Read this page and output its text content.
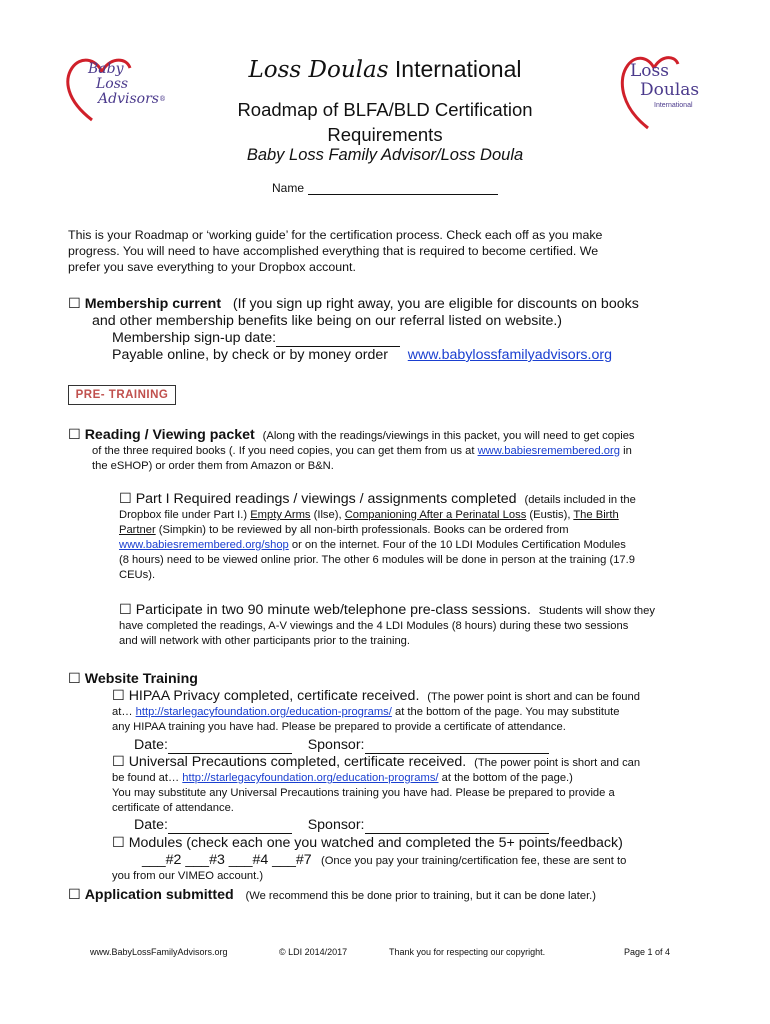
Baby
Loss
Advisors®
Loss
Doulas
International
Loss Doulas International
Roadmap of BLFA/BLD Certification
Requirements
Baby Loss Family Advisor/Loss Doula
Name
This is your Roadmap or ‘working guide’ for the certification process. Check each off as you make
progress. You will need to have accomplished everything that is required to become certified. We
prefer you save everything to your Dropbox account.
☐ Membership current (If you sign up right away, you are eligible for discounts on books
and other membership benefits like being on our referral listed on website.)
Membership sign-up date:
Payable online, by check or by money order www.babylossfamilyadvisors.org
PRE- TRAINING
☐ Reading / Viewing packet (Along with the readings/viewings in this packet, you will need to get copies
of the three required books (. If you need copies, you can get them from us at www.babiesremembered.org in
the eSHOP) or order them from Amazon or B&N.
☐ Part I Required readings / viewings / assignments completed (details included in the
Dropbox file under Part I.) Empty Arms (Ilse), Companioning After a Perinatal Loss (Eustis), The Birth
Partner (Simpkin) to be reviewed by all non-birth professionals. Books can be ordered from
www.babiesremembered.org/shop or on the internet. Four of the 10 LDI Modules Certification Modules
(8 hours) need to be viewed online prior. The other 6 modules will be done in person at the training (17.9
CEUs).
☐ Participate in two 90 minute web/telephone pre-class sessions. Students will show they
have completed the readings, A-V viewings and the 4 LDI Modules (8 hours) during these two sessions
and will network with other participants prior to the training.
☐ Website Training
☐ HIPAA Privacy completed, certificate received. (The power point is short and can be found
at… http://starlegacyfoundation.org/education-programs/ at the bottom of the page. You may substitute
any HIPAA training you have had. Please be prepared to provide a certificate of attendance.
Date:	Sponsor:
☐ Universal Precautions completed, certificate received. (The power point is short and can
be found at… http://starlegacyfoundation.org/education-programs/ at the bottom of the page.)
You may substitute any Universal Precautions training you have had. Please be prepared to provide a
certificate of attendance.
Date:	Sponsor:
☐ Modules (check each one you watched and completed the 5+ points/feedback)
___#2 ___#3 ___#4 ___#7 (Once you pay your training/certification fee, these are sent to
you from our VIMEO account.)
☐ Application submitted (We recommend this be done prior to training, but it can be done later.)
www.BabyLossFamilyAdvisors.org	© LDI 2014/2017	Thank you for respecting our copyright.	Page 1 of 4
